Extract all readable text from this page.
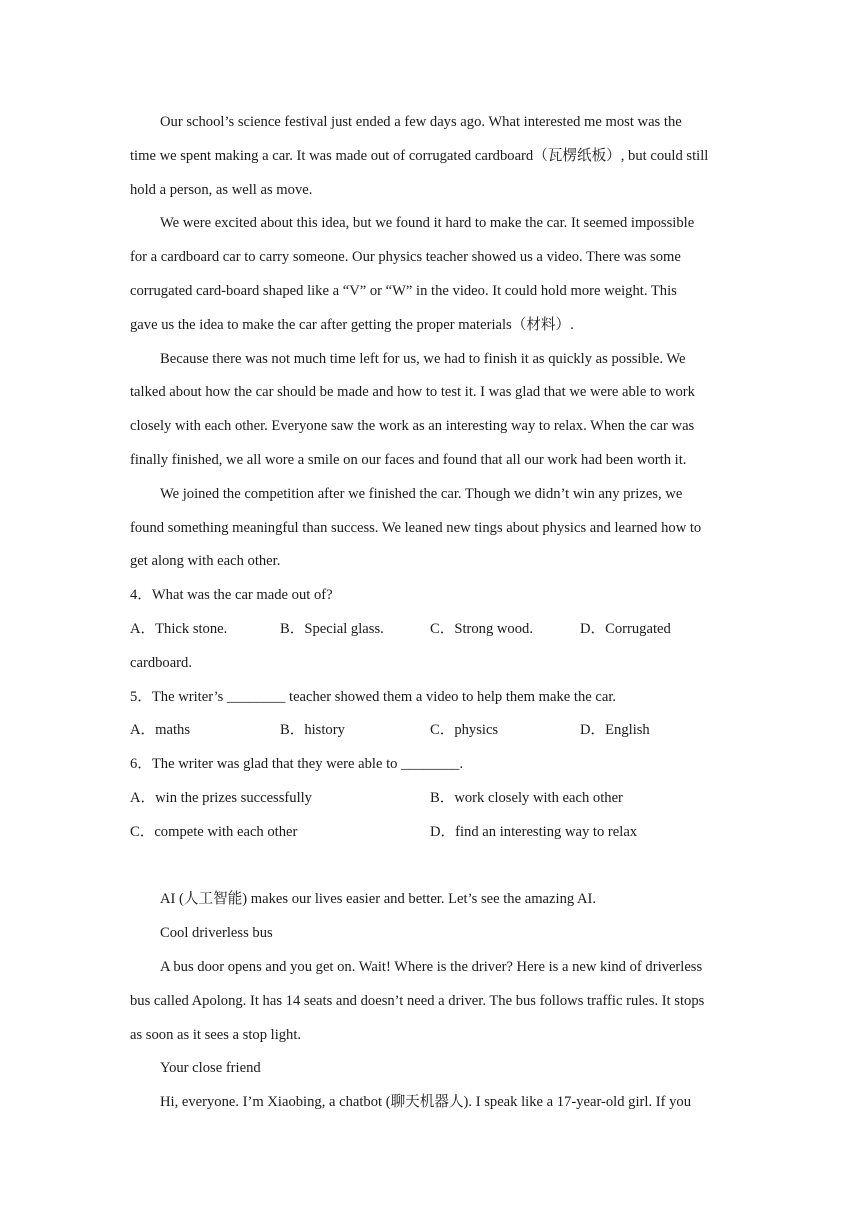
Our school’s science festival just ended a few days ago. What interested me most was the
time we spent making a car. It was made out of corrugated cardboard（瓦楞纸板）, but could still
hold a person, as well as move.
We were excited about this idea, but we found it hard to make the car. It seemed impossible
for a cardboard car to carry someone. Our physics teacher showed us a video. There was some
corrugated card-board shaped like a “V” or “W” in the video. It could hold more weight. This
gave us the idea to make the car after getting the proper materials（材料）.
Because there was not much time left for us, we had to finish it as quickly as possible. We
talked about how the car should be made and how to test it. I was glad that we were able to work
closely with each other. Everyone saw the work as an interesting way to relax. When the car was
finally finished, we all wore a smile on our faces and found that all our work had been worth it.
We joined the competition after we finished the car. Though we didn’t win any prizes, we
found something meaningful than success. We leaned new tings about physics and learned how to
get along with each other.
4．What was the car made out of?
A．Thick stone.	B．Special glass.	C．Strong wood.	D．Corrugated
cardboard.
5．The writer’s ________ teacher showed them a video to help them make the car.
A．maths	B．history	C．physics	D．English
6．The writer was glad that they were able to ________.
A．win the prizes successfully	B．work closely with each other
C．compete with each other	D．find an interesting way to relax
AI (人工智能) makes our lives easier and better. Let’s see the amazing AI.
Cool driverless bus
A bus door opens and you get on. Wait! Where is the driver? Here is a new kind of driverless
bus called Apolong. It has 14 seats and doesn’t need a driver. The bus follows traffic rules. It stops
as soon as it sees a stop light.
Your close friend
Hi, everyone. I’m Xiaobing, a chatbot (聊天机器人). I speak like a 17-year-old girl. If you
